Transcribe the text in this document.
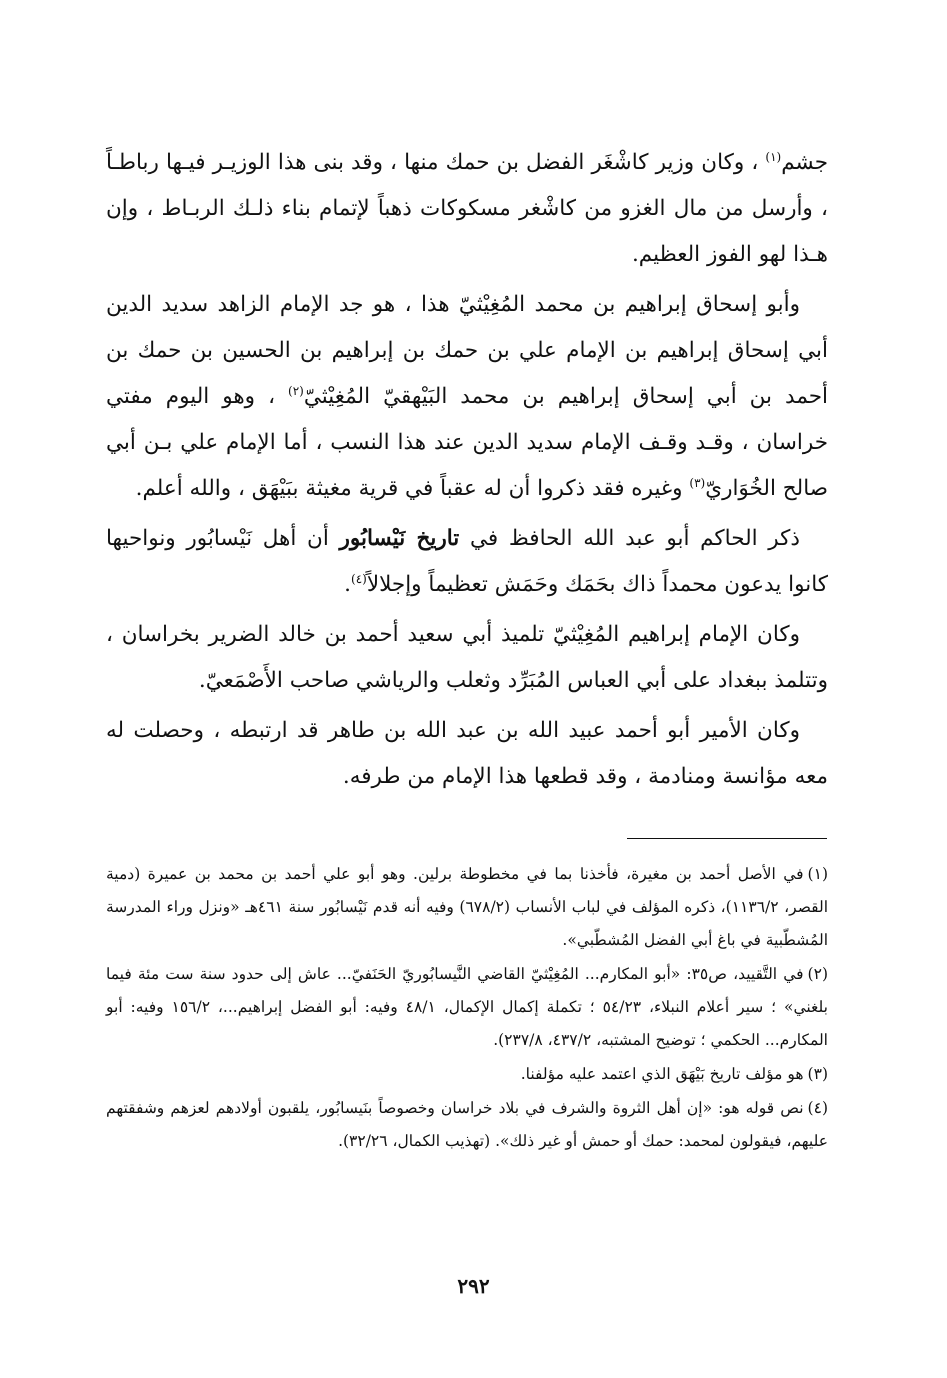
جشم$^{(١)}$ ، وكان وزير كاشْغَر الفضل بن حمك منها ، وقد بنى هذا الوزيـر فيـها رباطـاً ، وأرسل من مال الغزو من كاشْغر مسكوكات ذهباً لإتمام بناء ذلـك الربـاط ، وإن هـذا لهو الفوز العظيم.

وأبو إسحاق إبراهيم بن محمد المُغِيْثيّ هذا ، هو جد الإمام الزاهد سديد الدين أبي إسحاق إبراهيم بن الإمام علي بن حمك بن إبراهيم بن الحسين بن حمك بن أحمد بن أبي إسحاق إبراهيم بن محمد البَيْهقيّ المُغِيْثيّ$^{(٢)}$ ، وهو اليوم مفتي خراسان ، وقـد وقـف الإمام سديد الدين عند هذا النسب ، أما الإمام علي بـن أبي صالح الخُوَاريّ$^{(٣)}$ وغيره فقد ذكروا أن له عقباً في قرية مغيثة ببَيْهَق ، والله أعلم.

ذكر الحاكم أبو عبد الله الحافظ في تاريخ نَيْسابُور أن أهل نَيْسابُور ونواحيها كانوا يدعون محمداً ذاك بحَمَك وحَمَش تعظيماً وإجلالاً$^{(٤)}$.

وكان الإمام إبراهيم المُغِيْثيّ تلميذ أبي سعيد أحمد بن خالد الضرير بخراسان ، وتتلمذ ببغداد على أبي العباس المُبَرِّد وثعلب والرياشي صاحب الأَصْمَعيّ.

وكان الأمير أبو أحمد عبيد الله بن عبد الله بن طاهر قد ارتبطه ، وحصلت له معه مؤانسة ومنادمة ، وقد قطعها هذا الإمام من طرفه.

(١)في الأصل أحمد بن مغيرة، فأخذنا بما في مخطوطة برلين. وهو أبو علي أحمد بن محمد بن عميرة (دمية القصر، ١١٣٦/٢)، ذكره المؤلف في لباب الأنساب (٦٧٨/٢) وفيه أنه قدم نَيْسابُور سنة ٤٦١هـ «ونزل وراء المدرسة المُشطّبية في باغ أبي الفضل المُشطّبي».
(٢)في التَّقييد، ص٣٥: «أبو المكارم... المُغِيْثيّ القاضي النَّيسابُوريّ الحَنَفيّ... عاش إلى حدود سنة ست مئة فيما بلغني» ؛ سير أعلام النبلاء، ٥٤/٢٣ ؛ تكملة إكمال الإكمال، ٤٨/١ وفيه: أبو الفضل إبراهيم...، ١٥٦/٢ وفيه: أبو المكارم... الحكمي ؛ توضيح المشتبه، ٤٣٧/٢، ٢٣٧/٨).
(٣)هو مؤلف تاريخ بَيْهَق الذي اعتمد عليه مؤلفنا.
(٤)نص قوله هو: «إن أهل الثروة والشرف في بلاد خراسان وخصوصاً بنَيسابُور، يلقبون أولادهم لعزهم وشفقتهم عليهم، فيقولون لمحمد: حمك أو حمش أو غير ذلك». (تهذيب الكمال، ٣٢/٢٦).
٢٩٢
